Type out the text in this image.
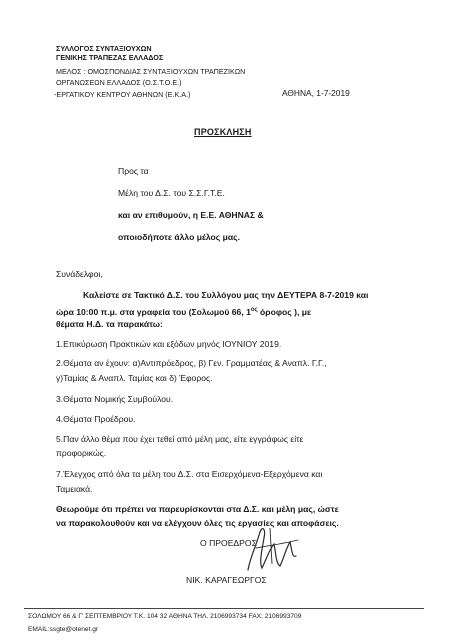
ΣΥΛΛΟΓΟΣ ΣΥΝΤΑΞΙΟΥΧΩΝ
ΓΕΝΙΚΗΣ ΤΡΑΠΕΖΑΣ ΕΛΛΑΔΟΣ
ΜΕΛΟΣ : ΟΜΟΣΠΟΝΔΙΑΣ ΣΥΝΤΑΞΙΟΥΧΩΝ ΤΡΑΠΕΖΙΚΩΝ
ΟΡΓΑΝΩΣΕΩΝ ΕΛΛΑΔΟΣ (Ο.Σ.Τ.Ο.Ε.)
-ΕΡΓΑΤΙΚΟΥ ΚΕΝΤΡΟΥ ΑΘΗΝΩΝ (Ε.Κ.Α.)	ΑΘΗΝΑ, 1-7-2019
ΠΡΟΣΚΛΗΣΗ
Προς τα
Μέλη του Δ.Σ. του Σ.Σ.Γ.Τ.Ε.
και αν επιθυμούν, η Ε.Ε. ΑΘΗΝΑΣ &
οποιοδήποτε άλλο μέλος μας.
Συνάδελφοι,
Καλείστε σε Τακτικό Δ.Σ. του Συλλόγου μας την ΔΕΥΤΕΡΑ 8-7-2019 και
ώρα 10:00 π.μ. στα γραφεία του (Σολωμού 66, $1^{o\varsigma}$ όροφος ), με
θέματα Η.Δ. τα παρακάτω:
1.Επικύρωση Πρακτικών και εξόδων μηνός ΙΟΥΝΙΟΥ 2019.
2.Θέματα αν έχουν: α)Αντιπρόεδρος, β) Γεν. Γραμματέας & Αναπλ. Γ.Γ.,
γ)Ταμίας & Αναπλ. Ταμίας και δ) Έφορος.
3.Θέματα Νομικής Συμβούλου.
4.Θέματα Προέδρου.
5.Παν άλλο θέμα που έχει τεθεί από μέλη μας, είτε εγγράφως είτε
προφορικώς.
7.Έλεγχος από όλα τα μέλη του Δ.Σ. στα Εισερχόμενα-Εξερχόμενα και
Ταμειακά.
Θεωρούμε ότι πρέπει να παρευρίσκονται στα Δ.Σ. και μέλη μας, ώστε
να παρακολουθούν και να ελέγχουν όλες τις εργασίες και αποφάσεις.
Ο ΠΡΟΕΔΡΟΣ
ΝΙΚ. ΚΑΡΑΓΕΩΡΓΟΣ
ΣΟΛΩΜΟΥ 66 & Γ' ΣΕΠΤΕΜΒΡΙΟΥ Τ.Κ. 104 32 ΑΘΗΝΑ ΤΗΛ. 2106993734 FAX: 2106993709
EMAIL:ssgte@otenet.gr
